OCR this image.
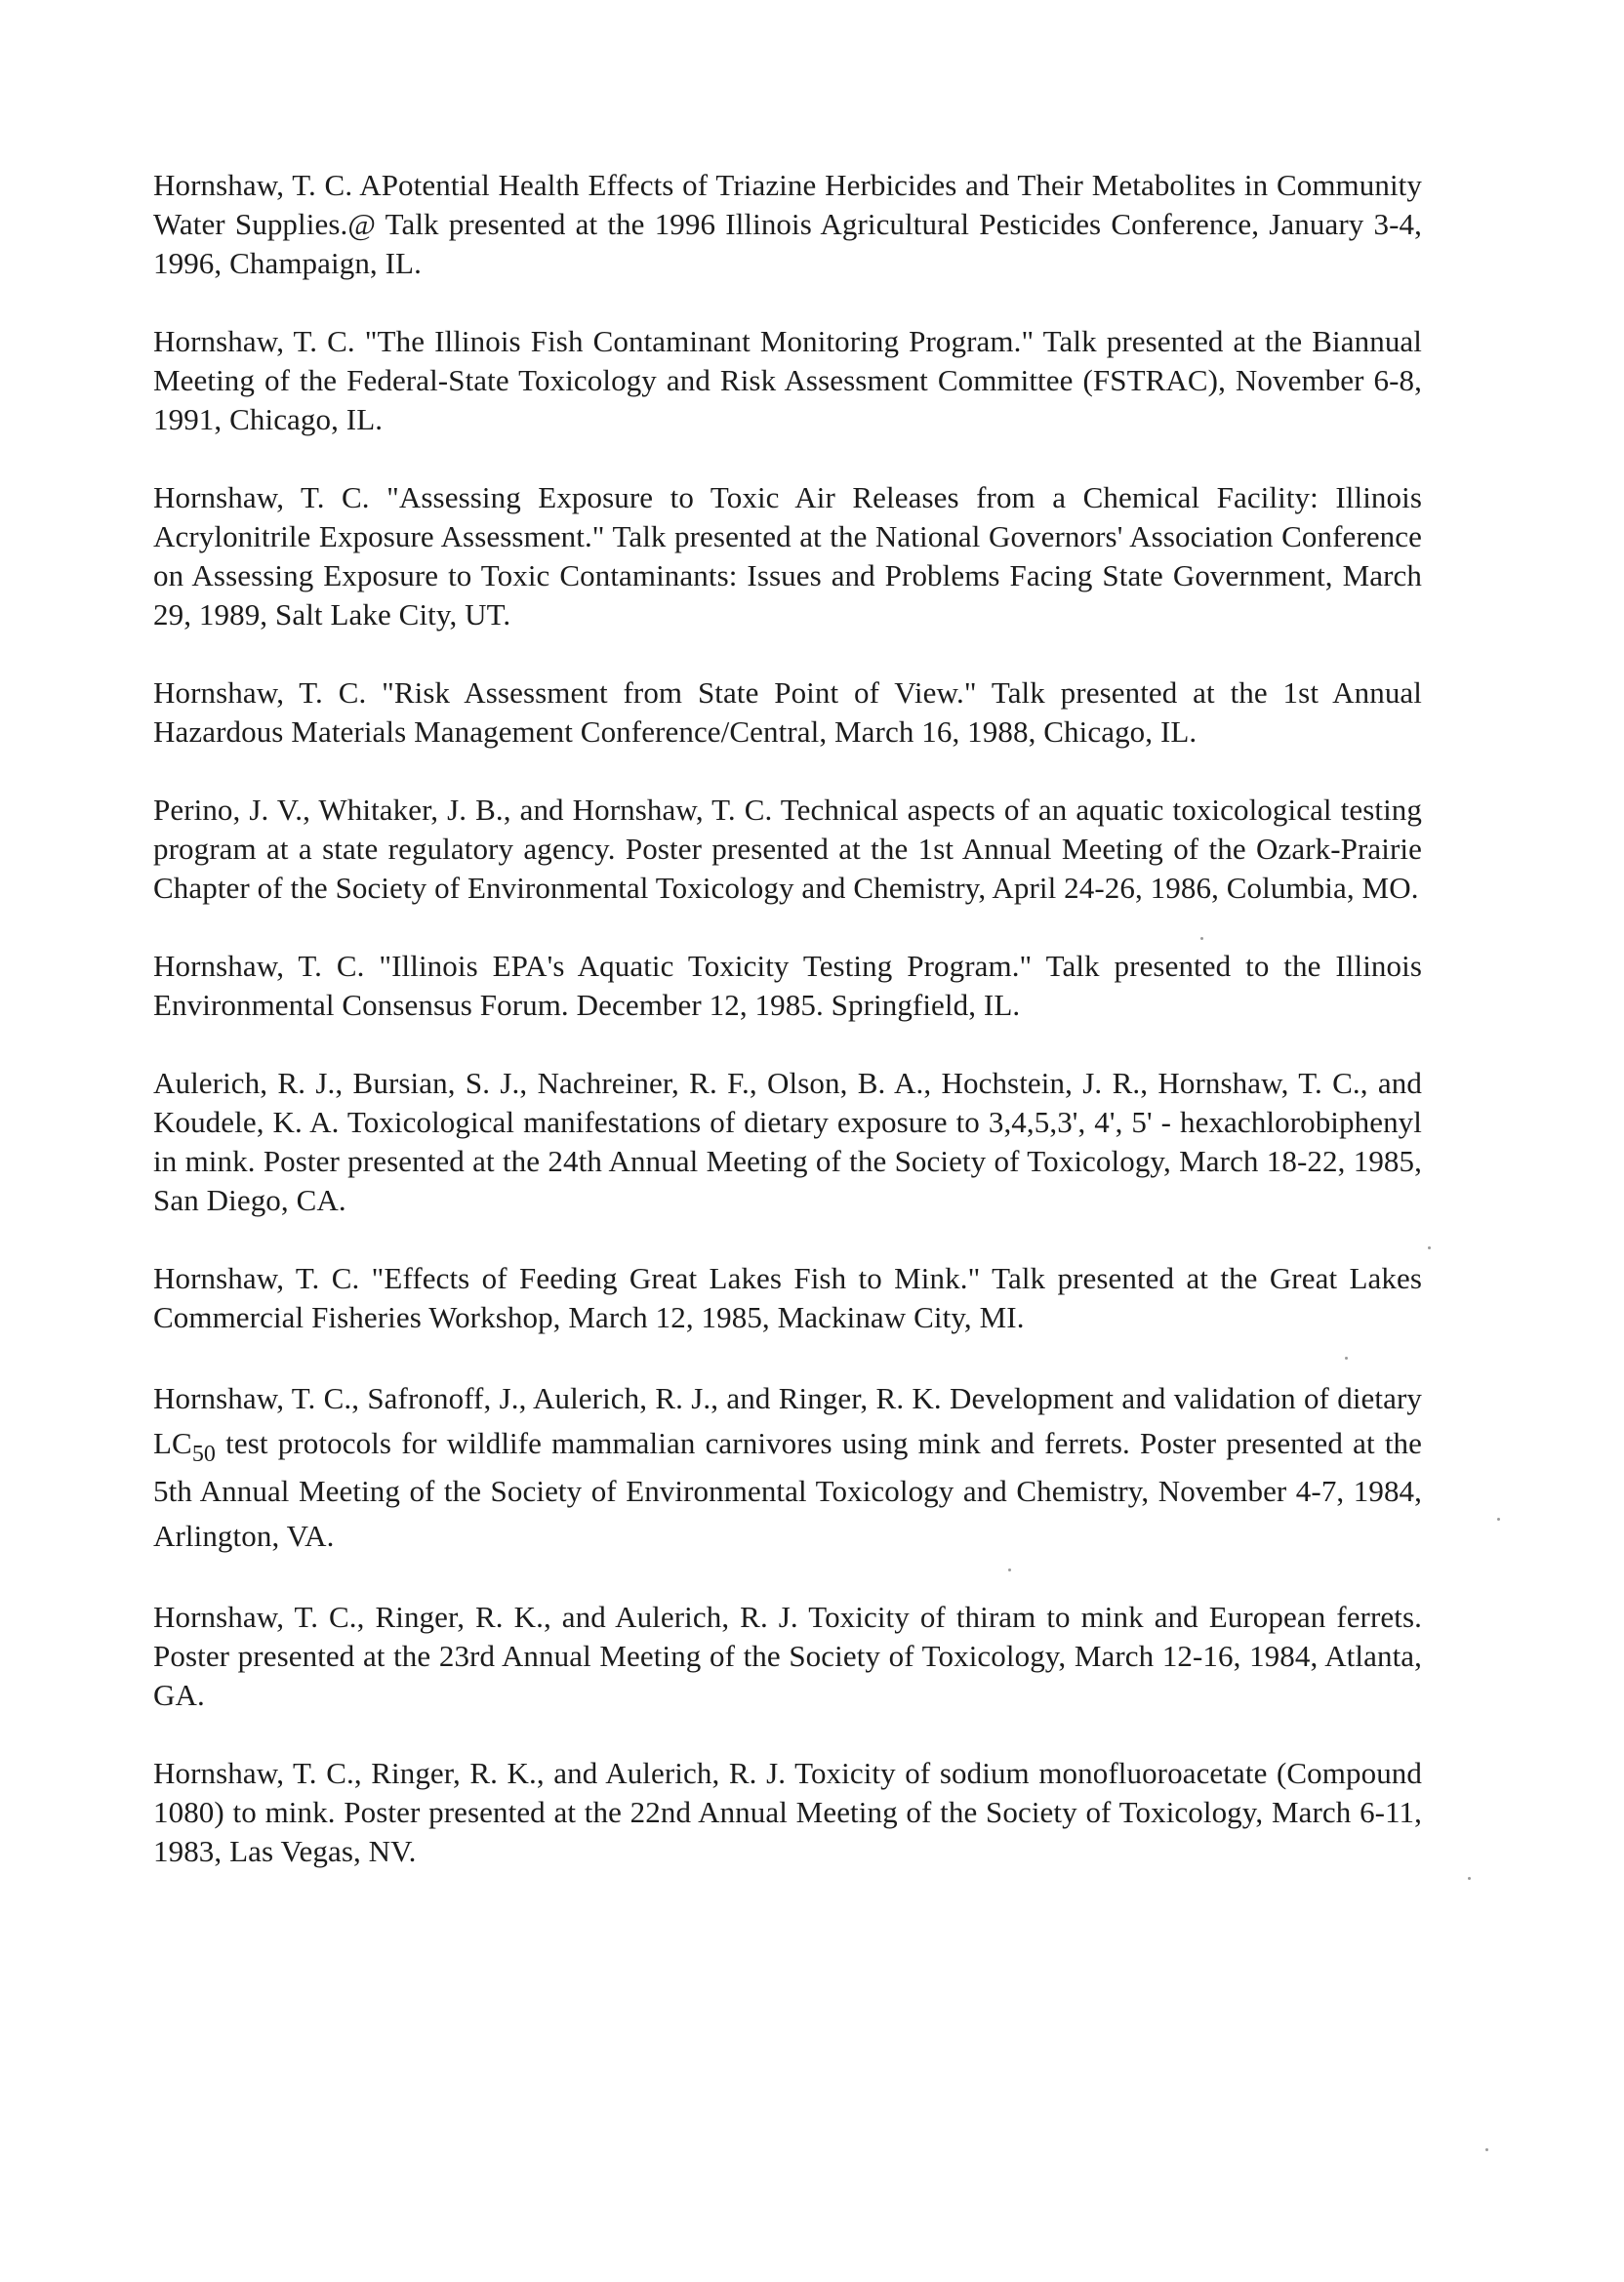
Hornshaw, T. C. APotential Health Effects of Triazine Herbicides and Their Metabolites in Community Water Supplies.@ Talk presented at the 1996 Illinois Agricultural Pesticides Conference, January 3-4, 1996, Champaign, IL.

Hornshaw, T. C. "The Illinois Fish Contaminant Monitoring Program." Talk presented at the Biannual Meeting of the Federal-State Toxicology and Risk Assessment Committee (FSTRAC), November 6-8, 1991, Chicago, IL.

Hornshaw, T. C. "Assessing Exposure to Toxic Air Releases from a Chemical Facility: Illinois Acrylonitrile Exposure Assessment." Talk presented at the National Governors' Association Conference on Assessing Exposure to Toxic Contaminants: Issues and Problems Facing State Government, March 29, 1989, Salt Lake City, UT.

Hornshaw, T. C. "Risk Assessment from State Point of View." Talk presented at the 1st Annual Hazardous Materials Management Conference/Central, March 16, 1988, Chicago, IL.

Perino, J. V., Whitaker, J. B., and Hornshaw, T. C. Technical aspects of an aquatic toxicological testing program at a state regulatory agency. Poster presented at the 1st Annual Meeting of the Ozark-Prairie Chapter of the Society of Environmental Toxicology and Chemistry, April 24-26, 1986, Columbia, MO.

Hornshaw, T. C. "Illinois EPA's Aquatic Toxicity Testing Program." Talk presented to the Illinois Environmental Consensus Forum. December 12, 1985. Springfield, IL.

Aulerich, R. J., Bursian, S. J., Nachreiner, R. F., Olson, B. A., Hochstein, J. R., Hornshaw, T. C., and Koudele, K. A. Toxicological manifestations of dietary exposure to 3,4,5,3', 4', 5' - hexachlorobiphenyl in mink. Poster presented at the 24th Annual Meeting of the Society of Toxicology, March 18-22, 1985, San Diego, CA.

Hornshaw, T. C. "Effects of Feeding Great Lakes Fish to Mink." Talk presented at the Great Lakes Commercial Fisheries Workshop, March 12, 1985, Mackinaw City, MI.

Hornshaw, T. C., Safronoff, J., Aulerich, R. J., and Ringer, R. K. Development and validation of dietary $LC_{50}$ test protocols for wildlife mammalian carnivores using mink and ferrets. Poster presented at the 5th Annual Meeting of the Society of Environmental Toxicology and Chemistry, November 4-7, 1984, Arlington, VA.

Hornshaw, T. C., Ringer, R. K., and Aulerich, R. J. Toxicity of thiram to mink and European ferrets. Poster presented at the 23rd Annual Meeting of the Society of Toxicology, March 12-16, 1984, Atlanta, GA.

Hornshaw, T. C., Ringer, R. K., and Aulerich, R. J. Toxicity of sodium monofluoroacetate (Compound 1080) to mink. Poster presented at the 22nd Annual Meeting of the Society of Toxicology, March 6-11, 1983, Las Vegas, NV.
